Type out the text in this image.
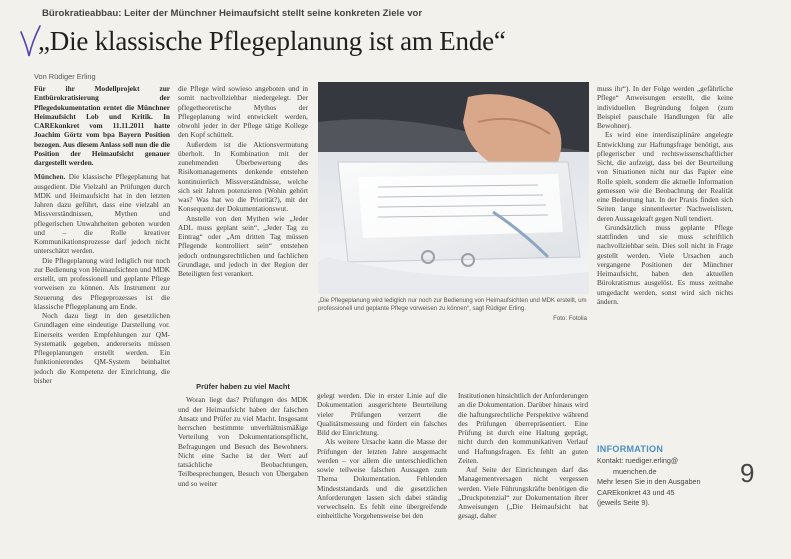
Bürokratieabbau: Leiter der Münchner Heimaufsicht stellt seine konkreten Ziele vor
„Die klassische Pflegeplanung ist am Ende“
Von Rüdiger Erling

Für ihr Modellprojekt zur Entbürokratisierung der Pflegedokumentation erntet die Münchner Heimaufsicht Lob und Kritik. In CAREkonkret vom 11.11.2011 hatte Joachim Görtz vom bpa Bayern Position bezogen. Aus diesem Anlass soll nun die die Position der Heimaufsicht genauer dargestellt werden.

München. Die klassische Pflegeplanung hat ausgedient. Die Vielzahl an Prüfungen durch MDK und Heimaufsicht hat in den letzten Jahren dazu geführt, dass eine vielzahl an Missverständnissen, Mythen und pflegerischen Unwahrheiten geboten wurden und – die Rolle kreativer Kommunikationsprozesse darf jedoch nicht unterschätzt werden.

Die Pflegeplanung wird lediglich nur noch zur Bedienung von Heimaufsichten und MDK erstellt, um professionell und geplante Pflege vorweisen zu können. Als Instrument zur Steuerung des Pflegeprozesses ist die klassische Pflegeplanung am Ende.

Noch dazu liegt in den gesetzlichen Grundlagen eine eindeutige Darstellung vor. Einerseits werden Empfehlungen zur QM-Systematik gegeben, andererseits müssen Pflegeplanungen erstellt werden. Ein funktionierendes QM-System beinhaltet jedoch die Kompetenz der Einrichtung, die bisher

die Pflege wird sowieso angeboten und in somit nachvollziehbar niedergelegt. Der pflegetheoretische Mythos der Pflegeplanung wird entwickelt werden, obwohl jeder in der Pflege tätige Kollege den Kopf schüttelt.

Außerdem ist die Aktionsvermutung überholt. In Kombination mit der zunehmenden Überbewertung des Risikomanagements denkende entstehen kontinuierlich Missverständnisse, welche sich seit Jahren potenzieren (Wohin gehört was? Was hat wo die Priorität?), mit der Konsequenz der Dokumentationswut.

Anstelle von den Mythen wie „Jeder ADL muss geplant sein“, „Jeder Tag zu Eintrag“ oder „Am dritten Tag müssen Pflegende kontrolliert sein“ entstehen jedoch ordnungsrechtlichen und fachlichen Grundlage, und jedoch in der Region der Beteiligten fest verankert.

Prüfer haben zu viel Macht

Woran liegt das? Prüfungen des MDK und der Heimaufsicht haben der falschen Ansatz und Prüfer zu viel Macht. Insgesamt herrschen bestimmte unverhältnismäßige Verteilung von Dokumentationspflicht, Befragungen und Besuch des Bewohners. Nicht eine Sache ist der Wert auf tatsächliche Beobachtungen, Teilbesprechungen, Besuch von Übergaben und so weiter

„Die Pflegeplanung wird lediglich nur noch zur Bedienung von Heimaufsichten und MDK erstellt, um professionell und geplante Pflege vorweisen zu können“, sagt Rüdiger Erling.
Foto: Fotolia

gelegt werden. Die in erster Linie auf die Dokumentation ausgerichtete Beurteilung vieler Prüfungen verzerrt die Qualitätsmessung und fördert ein falsches Bild der Einrichtung.

Als weitere Ursache kann die Masse der Prüfungen der letzten Jahre ausgemacht werden – vor allem die unterschiedlichen sowie teilweise falschen Aussagen zum Thema Dokumentation. Fehlenden Mindeststandards und die gesetzlichen Anforderungen lassen sich dabei ständig verwechseln. Es fehlt eine übergreifende einheitliche Vorgehensweise bei den

Institutionen hinsichtlich der Anforderungen an die Dokumentation. Darüber hinaus wird die haftungsrechtliche Perspektive während des Prüfungen überrepräsentiert. Eine Prüfung ist durch eine Haltung geprägt, nicht durch den kommunikativen Verlauf und Haftungsfragen. Es fehlt an guten Zeiten.

Auf Seite der Einrichtungen darf das Managementversagen nicht vergessen werden. Viele Führungskräfte benötigen die „Druckpotenzial“ zur Dokumentation ihrer Anweisungen („Die Heimaufsicht hat gesagt, daher

muss ihr“). In der Folge werden „gefährliche Pflege“ Anweisungen erstellt, die keine individuellen Begründung folgen (zum Beispiel pauschale Handlungen für alle Bewohner).

Es wird eine interdisziplinäre angelegte Entwicklung zur Haftungsfrage benötigt, aus pflegerischer und rechtswissenschaftlicher Sicht, die aufzeigt, dass bei der Beurteilung von Situationen nicht nur das Papier eine Rolle spielt, sondern die aktuelle Information gemessen wie die Beobachtung der Realität eine Bedeutung hat. In der Praxis finden sich Seiten lange sinnentleerter Nachweislisten, deren Aussagekraft gegen Null tendiert.

Grundsätzlich muss geplante Pflege stattfinden und sie muss schriftlich nachvollziehbar sein. Dies soll nicht in Frage gestellt werden. Viele Ursachen auch vergangene Positionen der Münchner Heimaufsicht, haben den aktuellen Bürokratismus ausgelöst. Es muss zeitnahe umgedacht werden, sonst wird sich nichts ändern.

INFORMATION
Kontakt: ruediger.erling@
muenchen.de
Mehr lesen Sie in den Ausgaben
CAREkonkret 43 und 45
(jeweils Seite 9).
9
